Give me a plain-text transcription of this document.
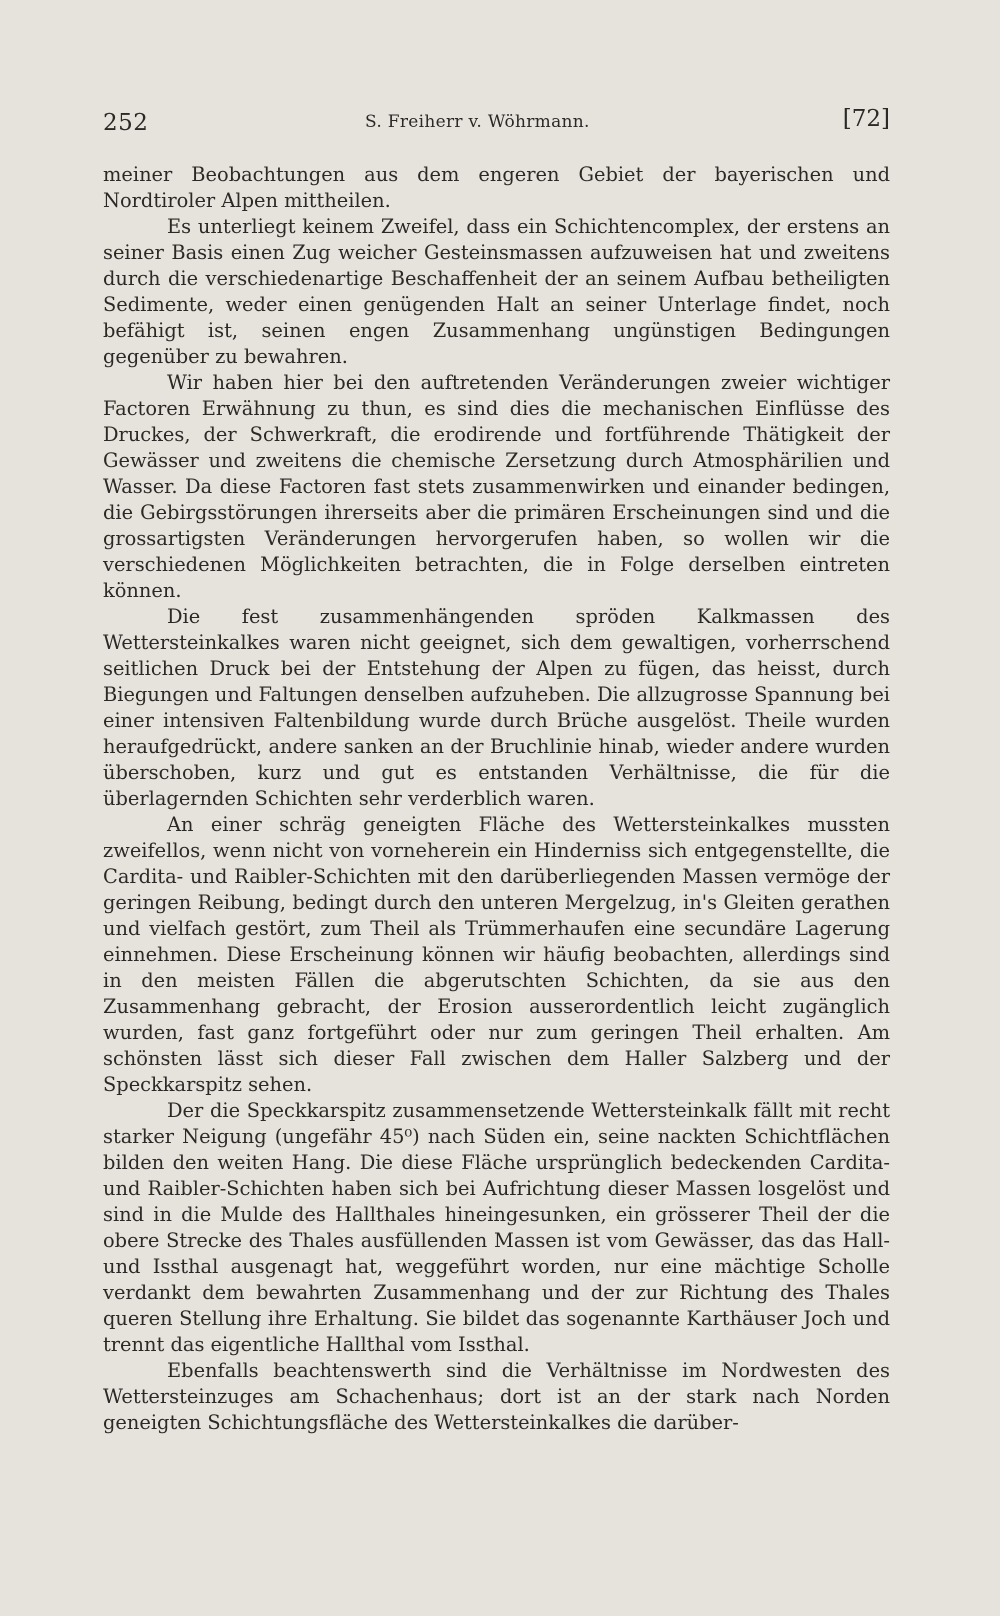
252	S. Freiherr v. Wöhrmann.	[72]

meiner Beobachtungen aus dem engeren Gebiet der bayerischen und Nordtiroler Alpen mittheilen.

Es unterliegt keinem Zweifel, dass ein Schichtencomplex, der erstens an seiner Basis einen Zug weicher Gesteinsmassen aufzuweisen hat und zweitens durch die verschiedenartige Beschaffenheit der an seinem Aufbau betheiligten Sedimente, weder einen genügenden Halt an seiner Unterlage findet, noch befähigt ist, seinen engen Zusammenhang ungünstigen Bedingungen gegenüber zu bewahren.

Wir haben hier bei den auftretenden Veränderungen zweier wichtiger Factoren Erwähnung zu thun, es sind dies die mechanischen Einflüsse des Druckes, der Schwerkraft, die erodirende und fortführende Thätigkeit der Gewässer und zweitens die chemische Zersetzung durch Atmosphärilien und Wasser. Da diese Factoren fast stets zusammenwirken und einander bedingen, die Gebirgsstörungen ihrerseits aber die primären Erscheinungen sind und die grossartigsten Veränderungen hervorgerufen haben, so wollen wir die verschiedenen Möglichkeiten betrachten, die in Folge derselben eintreten können.

Die fest zusammenhängenden spröden Kalkmassen des Wettersteinkalkes waren nicht geeignet, sich dem gewaltigen, vorherrschend seitlichen Druck bei der Entstehung der Alpen zu fügen, das heisst, durch Biegungen und Faltungen denselben aufzuheben. Die allzugrosse Spannung bei einer intensiven Faltenbildung wurde durch Brüche ausgelöst. Theile wurden heraufgedrückt, andere sanken an der Bruchlinie hinab, wieder andere wurden überschoben, kurz und gut es entstanden Verhältnisse, die für die überlagernden Schichten sehr verderblich waren.

An einer schräg geneigten Fläche des Wettersteinkalkes mussten zweifellos, wenn nicht von vorneherein ein Hinderniss sich entgegenstellte, die Cardita- und Raibler-Schichten mit den darüberliegenden Massen vermöge der geringen Reibung, bedingt durch den unteren Mergelzug, in's Gleiten gerathen und vielfach gestört, zum Theil als Trümmerhaufen eine secundäre Lagerung einnehmen. Diese Erscheinung können wir häufig beobachten, allerdings sind in den meisten Fällen die abgerutschten Schichten, da sie aus den Zusammenhang gebracht, der Erosion ausserordentlich leicht zugänglich wurden, fast ganz fortgeführt oder nur zum geringen Theil erhalten. Am schönsten lässt sich dieser Fall zwischen dem Haller Salzberg und der Speckkarspitz sehen.

Der die Speckkarspitz zusammensetzende Wettersteinkalk fällt mit recht starker Neigung (ungefähr 45⁰) nach Süden ein, seine nackten Schichtflächen bilden den weiten Hang. Die diese Fläche ursprünglich bedeckenden Cardita- und Raibler-Schichten haben sich bei Aufrichtung dieser Massen losgelöst und sind in die Mulde des Hallthales hineingesunken, ein grösserer Theil der die obere Strecke des Thales ausfüllenden Massen ist vom Gewässer, das das Hall- und Issthal ausgenagt hat, weggeführt worden, nur eine mächtige Scholle verdankt dem bewahrten Zusammenhang und der zur Richtung des Thales queren Stellung ihre Erhaltung. Sie bildet das sogenannte Karthäuser Joch und trennt das eigentliche Hallthal vom Issthal.

Ebenfalls beachtenswerth sind die Verhältnisse im Nordwesten des Wettersteinzuges am Schachenhaus; dort ist an der stark nach Norden geneigten Schichtungsfläche des Wettersteinkalkes die darüber-
